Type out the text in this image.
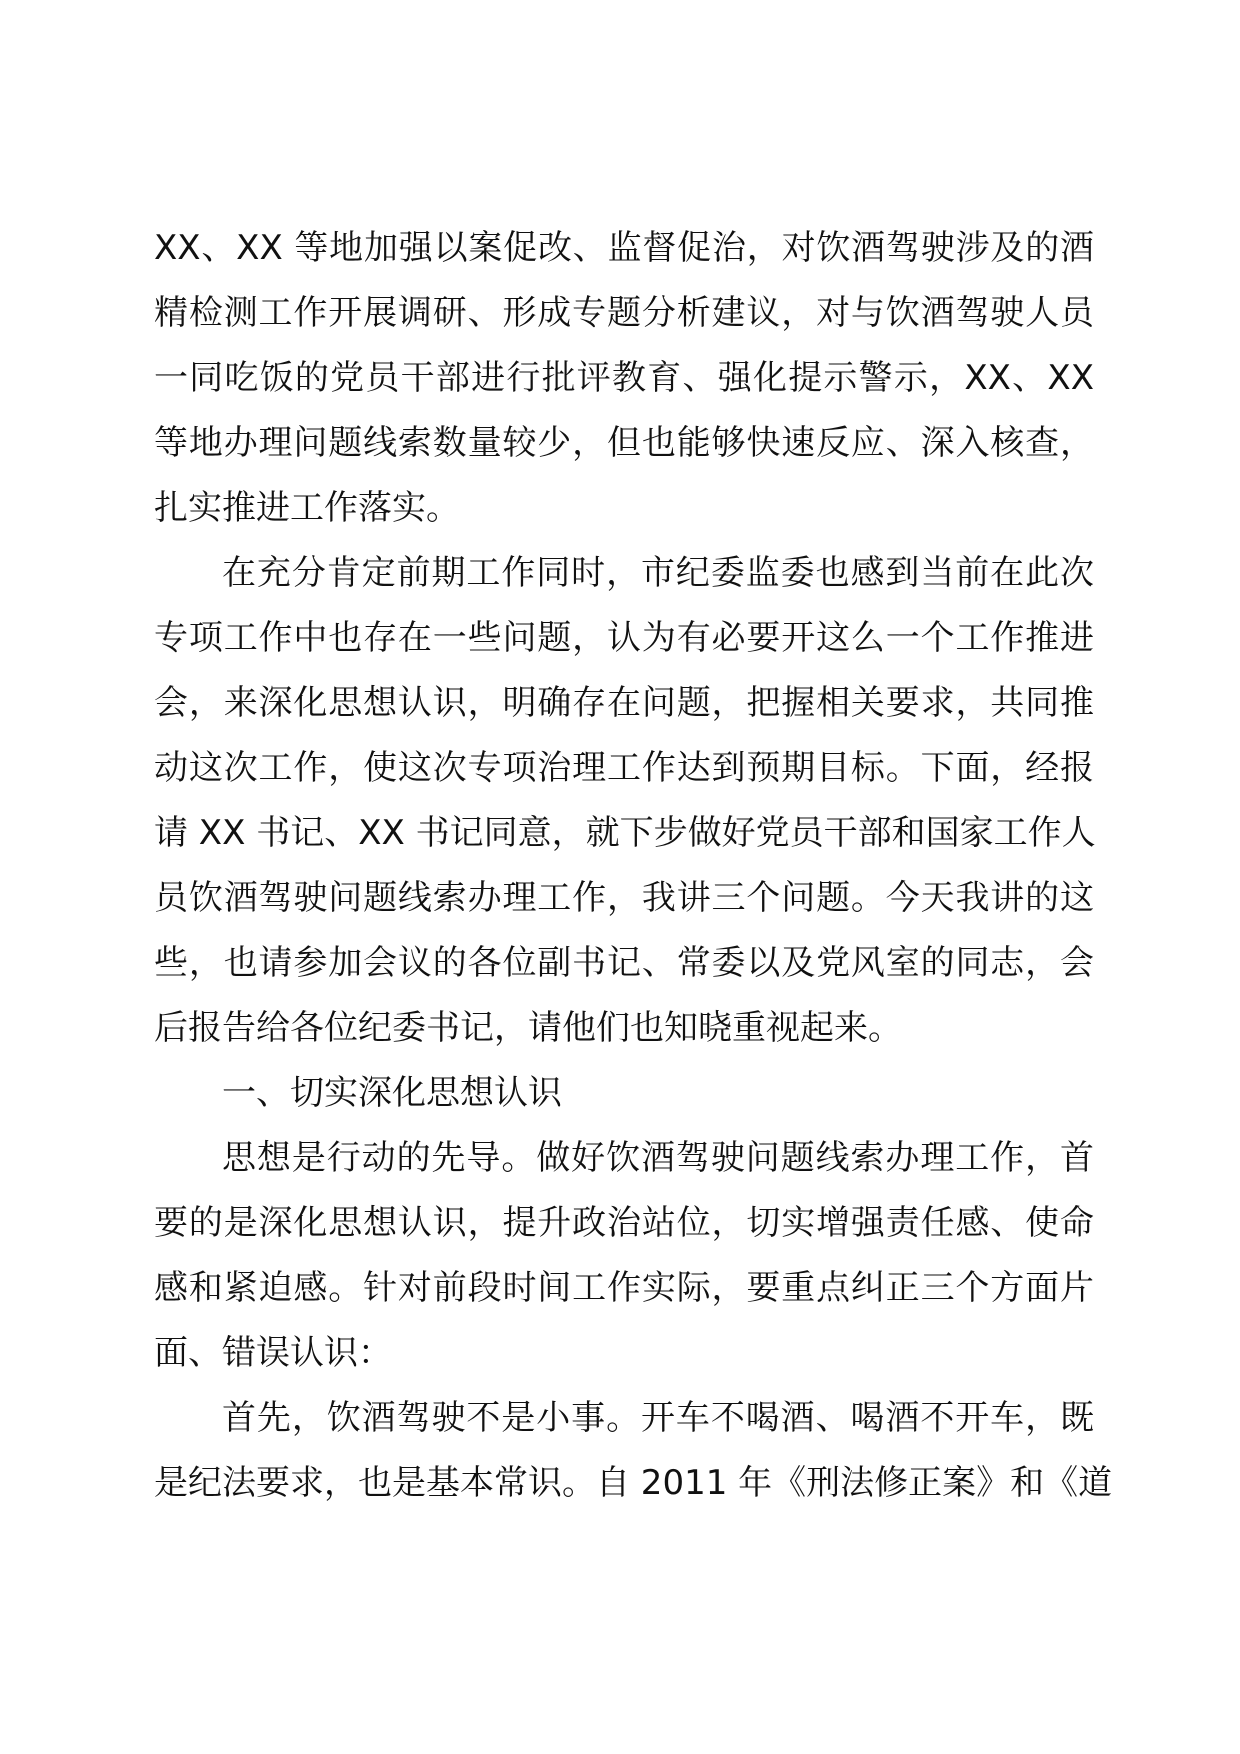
XX、XX 等地加强以案促改、监督促治，对饮酒驾驶涉及的酒
精检测工作开展调研、形成专题分析建议，对与饮酒驾驶人员
一同吃饭的党员干部进行批评教育、强化提示警示，XX、XX
等地办理问题线索数量较少，但也能够快速反应、深入核查，
扎实推进工作落实。
在充分肯定前期工作同时，市纪委监委也感到当前在此次
专项工作中也存在一些问题，认为有必要开这么一个工作推进
会，来深化思想认识，明确存在问题，把握相关要求，共同推
动这次工作，使这次专项治理工作达到预期目标。下面，经报
请 XX 书记、XX 书记同意，就下步做好党员干部和国家工作人
员饮酒驾驶问题线索办理工作，我讲三个问题。今天我讲的这
些，也请参加会议的各位副书记、常委以及党风室的同志，会
后报告给各位纪委书记，请他们也知晓重视起来。
一、切实深化思想认识
思想是行动的先导。做好饮酒驾驶问题线索办理工作，首
要的是深化思想认识，提升政治站位，切实增强责任感、使命
感和紧迫感。针对前段时间工作实际，要重点纠正三个方面片
面、错误认识：
首先，饮酒驾驶不是小事。开车不喝酒、喝酒不开车，既
是纪法要求，也是基本常识。自 2011 年《刑法修正案》和《道
